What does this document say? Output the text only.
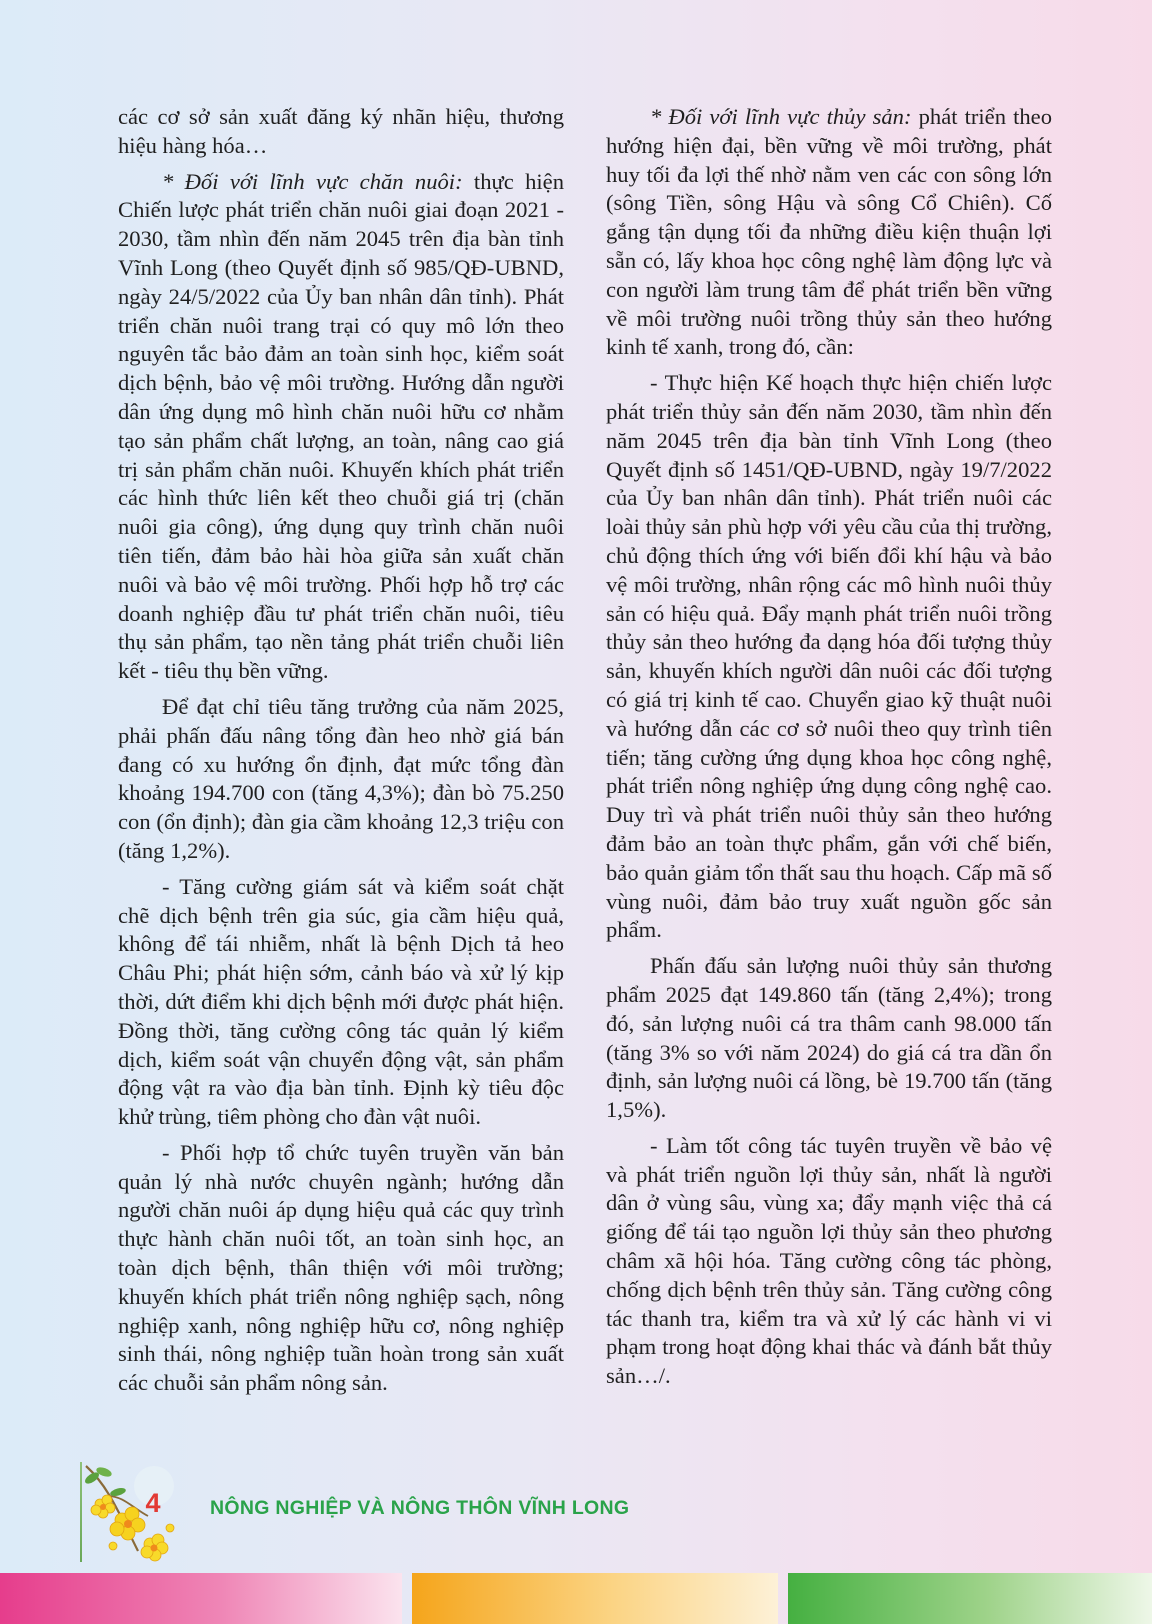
các cơ sở sản xuất đăng ký nhãn hiệu, thương hiệu hàng hóa…

* Đối với lĩnh vực chăn nuôi: thực hiện Chiến lược phát triển chăn nuôi giai đoạn 2021 - 2030, tầm nhìn đến năm 2045 trên địa bàn tỉnh Vĩnh Long (theo Quyết định số 985/QĐ-UBND, ngày 24/5/2022 của Ủy ban nhân dân tỉnh). Phát triển chăn nuôi trang trại có quy mô lớn theo nguyên tắc bảo đảm an toàn sinh học, kiểm soát dịch bệnh, bảo vệ môi trường. Hướng dẫn người dân ứng dụng mô hình chăn nuôi hữu cơ nhằm tạo sản phẩm chất lượng, an toàn, nâng cao giá trị sản phẩm chăn nuôi. Khuyến khích phát triển các hình thức liên kết theo chuỗi giá trị (chăn nuôi gia công), ứng dụng quy trình chăn nuôi tiên tiến, đảm bảo hài hòa giữa sản xuất chăn nuôi và bảo vệ môi trường. Phối hợp hỗ trợ các doanh nghiệp đầu tư phát triển chăn nuôi, tiêu thụ sản phẩm, tạo nền tảng phát triển chuỗi liên kết - tiêu thụ bền vững.

Để đạt chỉ tiêu tăng trưởng của năm 2025, phải phấn đấu nâng tổng đàn heo nhờ giá bán đang có xu hướng ổn định, đạt mức tổng đàn khoảng 194.700 con (tăng 4,3%); đàn bò 75.250 con (ổn định); đàn gia cầm khoảng 12,3 triệu con (tăng 1,2%).

- Tăng cường giám sát và kiểm soát chặt chẽ dịch bệnh trên gia súc, gia cầm hiệu quả, không để tái nhiễm, nhất là bệnh Dịch tả heo Châu Phi; phát hiện sớm, cảnh báo và xử lý kịp thời, dứt điểm khi dịch bệnh mới được phát hiện. Đồng thời, tăng cường công tác quản lý kiểm dịch, kiểm soát vận chuyển động vật, sản phẩm động vật ra vào địa bàn tỉnh. Định kỳ tiêu độc khử trùng, tiêm phòng cho đàn vật nuôi.

- Phối hợp tổ chức tuyên truyền văn bản quản lý nhà nước chuyên ngành; hướng dẫn người chăn nuôi áp dụng hiệu quả các quy trình thực hành chăn nuôi tốt, an toàn sinh học, an toàn dịch bệnh, thân thiện với môi trường; khuyến khích phát triển nông nghiệp sạch, nông nghiệp xanh, nông nghiệp hữu cơ, nông nghiệp sinh thái, nông nghiệp tuần hoàn trong sản xuất các chuỗi sản phẩm nông sản.

* Đối với lĩnh vực thủy sản: phát triển theo hướng hiện đại, bền vững về môi trường, phát huy tối đa lợi thế nhờ nằm ven các con sông lớn (sông Tiền, sông Hậu và sông Cổ Chiên). Cố gắng tận dụng tối đa những điều kiện thuận lợi sẵn có, lấy khoa học công nghệ làm động lực và con người làm trung tâm để phát triển bền vững về môi trường nuôi trồng thủy sản theo hướng kinh tế xanh, trong đó, cần:

- Thực hiện Kế hoạch thực hiện chiến lược phát triển thủy sản đến năm 2030, tầm nhìn đến năm 2045 trên địa bàn tỉnh Vĩnh Long (theo Quyết định số 1451/QĐ-UBND, ngày 19/7/2022 của Ủy ban nhân dân tỉnh). Phát triển nuôi các loài thủy sản phù hợp với yêu cầu của thị trường, chủ động thích ứng với biến đổi khí hậu và bảo vệ môi trường, nhân rộng các mô hình nuôi thủy sản có hiệu quả. Đẩy mạnh phát triển nuôi trồng thủy sản theo hướng đa dạng hóa đối tượng thủy sản, khuyến khích người dân nuôi các đối tượng có giá trị kinh tế cao. Chuyển giao kỹ thuật nuôi và hướng dẫn các cơ sở nuôi theo quy trình tiên tiến; tăng cường ứng dụng khoa học công nghệ, phát triển nông nghiệp ứng dụng công nghệ cao. Duy trì và phát triển nuôi thủy sản theo hướng đảm bảo an toàn thực phẩm, gắn với chế biến, bảo quản giảm tổn thất sau thu hoạch. Cấp mã số vùng nuôi, đảm bảo truy xuất nguồn gốc sản phẩm.

Phấn đấu sản lượng nuôi thủy sản thương phẩm 2025 đạt 149.860 tấn (tăng 2,4%); trong đó, sản lượng nuôi cá tra thâm canh 98.000 tấn (tăng 3% so với năm 2024) do giá cá tra dần ổn định, sản lượng nuôi cá lồng, bè 19.700 tấn (tăng 1,5%).

- Làm tốt công tác tuyên truyền về bảo vệ và phát triển nguồn lợi thủy sản, nhất là người dân ở vùng sâu, vùng xa; đẩy mạnh việc thả cá giống để tái tạo nguồn lợi thủy sản theo phương châm xã hội hóa. Tăng cường công tác phòng, chống dịch bệnh trên thủy sản. Tăng cường công tác thanh tra, kiểm tra và xử lý các hành vi vi phạm trong hoạt động khai thác và đánh bắt thủy sản…/.

4	NÔNG NGHIỆP VÀ NÔNG THÔN VĨNH LONG
